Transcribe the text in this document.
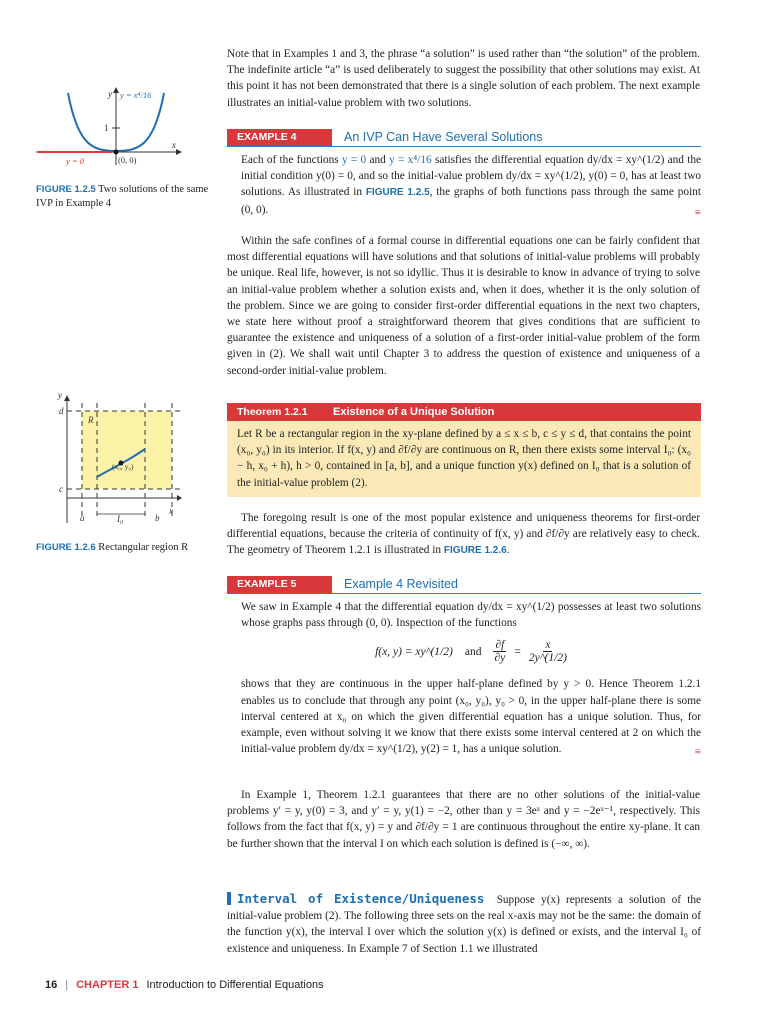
Note that in Examples 1 and 3, the phrase “a solution” is used rather than “the solution” of the problem. The indefinite article “a” is used deliberately to suggest the possibility that other solutions may exist. At this point it has not been demonstrated that there is a single solution of each problem. The next example illustrates an initial-value problem with two solutions.

y y = x⁴/16
1
x
y = 0	(0, 0)
FIGURE 1.2.5 Two solutions of the same IVP in Example 4
EXAMPLE 4	An IVP Can Have Several Solutions

Each of the functions y = 0 and y = x⁴/16 satisfies the differential equation dy/dx = xy^(1/2) and the initial condition y(0) = 0, and so the initial-value problem dy/dx = xy^(1/2), y(0) = 0, has at least two solutions. As illustrated in FIGURE 1.2.5, the graphs of both functions pass through the same point (0, 0).	≡

Within the safe confines of a formal course in differential equations one can be fairly confident that most differential equations will have solutions and that solutions of initial-value problems will probably be unique. Real life, however, is not so idyllic. Thus it is desirable to know in advance of trying to solve an initial-value problem whether a solution exists and, when it does, whether it is the only solution of the problem. Since we are going to consider first-order differential equations in the next two chapters, we state here without proof a straightforward theorem that gives conditions that are sufficient to guarantee the existence and uniqueness of a solution of a first-order initial-value problem of the form given in (2). We shall wait until Chapter 3 to address the question of existence and uniqueness of a second-order initial-value problem.

y
d
c
R
(x₀, y₀)
x
a	b
I₀
FIGURE 1.2.6 Rectangular region R
Theorem 1.2.1	Existence of a Unique Solution
Let R be a rectangular region in the xy-plane defined by a ≤ x ≤ b, c ≤ y ≤ d, that contains the point (x₀, y₀) in its interior. If f(x, y) and ∂f/∂y are continuous on R, then there exists some interval I₀: (x₀ − h, x₀ + h), h > 0, contained in [a, b], and a unique function y(x) defined on I₀ that is a solution of the initial-value problem (2).

The foregoing result is one of the most popular existence and uniqueness theorems for first-order differential equations, because the criteria of continuity of f(x, y) and ∂f/∂y are relatively easy to check. The geometry of Theorem 1.2.1 is illustrated in FIGURE 1.2.6.

EXAMPLE 5	Example 4 Revisited

We saw in Example 4 that the differential equation dy/dx = xy^(1/2) possesses at least two solutions whose graphs pass through (0, 0). Inspection of the functions

f(x, y) = xy^(1/2) and $\frac{\partial f}{\partial y} = \frac{x}{2y\^{}(1/2)}$

shows that they are continuous in the upper half-plane defined by y > 0. Hence Theorem 1.2.1 enables us to conclude that through any point (x₀, y₀), y₀ > 0, in the upper half-plane there is some interval centered at x₀ on which the given differential equation has a unique solution. Thus, for example, even without solving it we know that there exists some interval centered at 2 on which the initial-value problem dy/dx = xy^(1/2), y(2) = 1, has a unique solution.	≡

In Example 1, Theorem 1.2.1 guarantees that there are no other solutions of the initial-value problems y′ = y, y(0) = 3, and y′ = y, y(1) = −2, other than y = 3eˣ and y = −2eˣ⁻¹, respectively. This follows from the fact that f(x, y) = y and ∂f/∂y = 1 are continuous throughout the entire xy-plane. It can be further shown that the interval I on which each solution is defined is (−∞, ∞).

Interval of Existence/Uniqueness Suppose y(x) represents a solution of the initial-value problem (2). The following three sets on the real x-axis may not be the same: the domain of the function y(x), the interval I over which the solution y(x) is defined or exists, and the interval I₀ of existence and uniqueness. In Example 7 of Section 1.1 we illustrated

16 | CHAPTER 1 Introduction to Differential Equations
